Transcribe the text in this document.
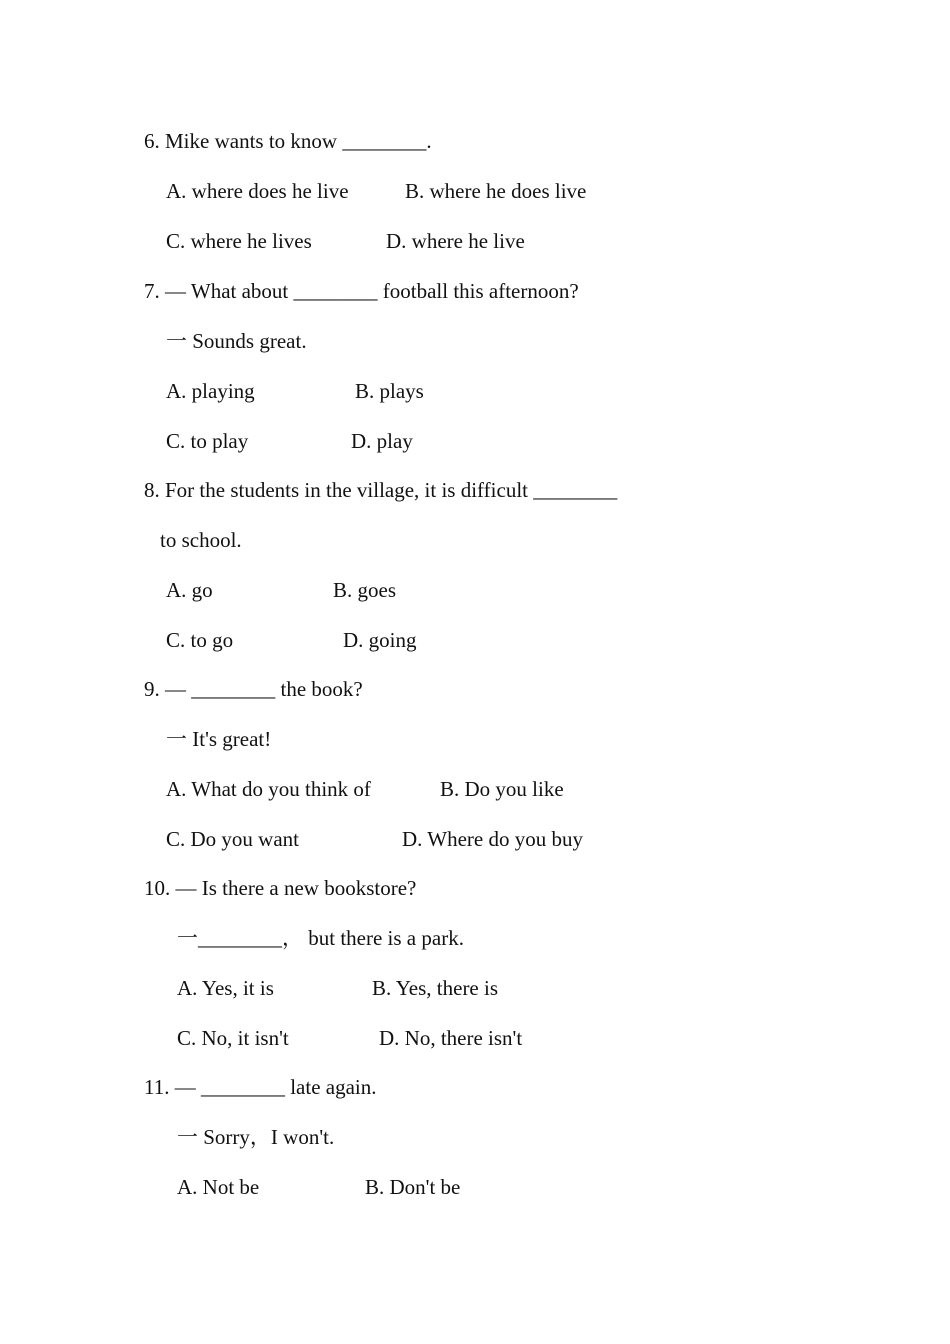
6. Mike wants to know ________.
A. where does he live	B. where he does live
C. where he lives	D. where he live
7. — What about ________ football this afternoon?
一 Sounds great.
A. playing	B. plays
C. to play	D. play
8. For the students in the village, it is difficult ________
to school.
A. go	B. goes
C. to go	D. going
9. — ________ the book?
一 It's great!
A. What do you think of	B. Do you like
C. Do you want	D. Where do you buy
10. — Is there a new bookstore?
一________， but there is a park.
A. Yes, it is	B. Yes, there is
C. No, it isn't	D. No, there isn't
11. — ________ late again.
一 Sorry，I won't.
A. Not be	B. Don't be
